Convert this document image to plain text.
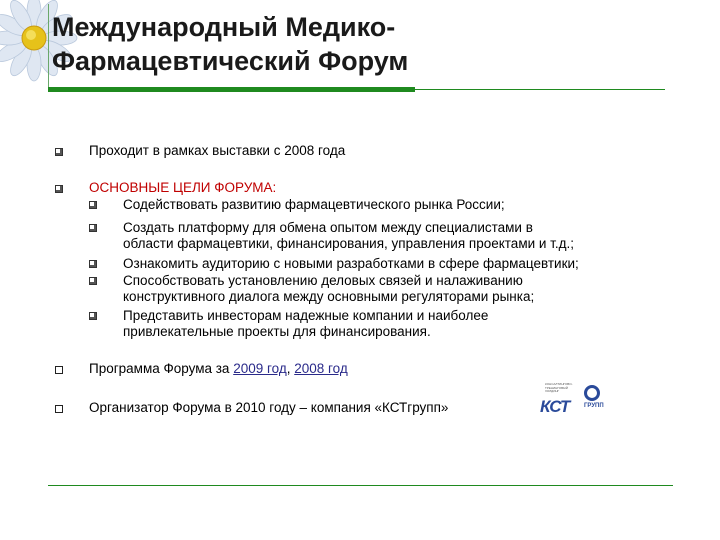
Международный Медико-
Фармацевтический Форум
Проходит в рамках выставки с 2008 года
ОСНОВНЫЕ ЦЕЛИ ФОРУМА:
Содействовать развитию фармацевтического рынка России;
Создать платформу для обмена опытом между специалистами в
области фармацевтики, финансирования, управления проектами и т.д.;
Ознакомить аудиторию с новыми разработками в сфере фармацевтики;
Способствовать установлению деловых связей и налаживанию
конструктивного диалога между основными регуляторами рынка;
Представить инвесторам надежные компании и наиболее
привлекательные проекты для финансирования.
Программа Форума за 2009 год, 2008 год
Организатор Форума в 2010 году – компания «КСТгрупп»
КОНСАЛТИНГОВО- ТРЕНИНГОВЫЙ ХОЛДИНГ
КСТ ГРУПП
